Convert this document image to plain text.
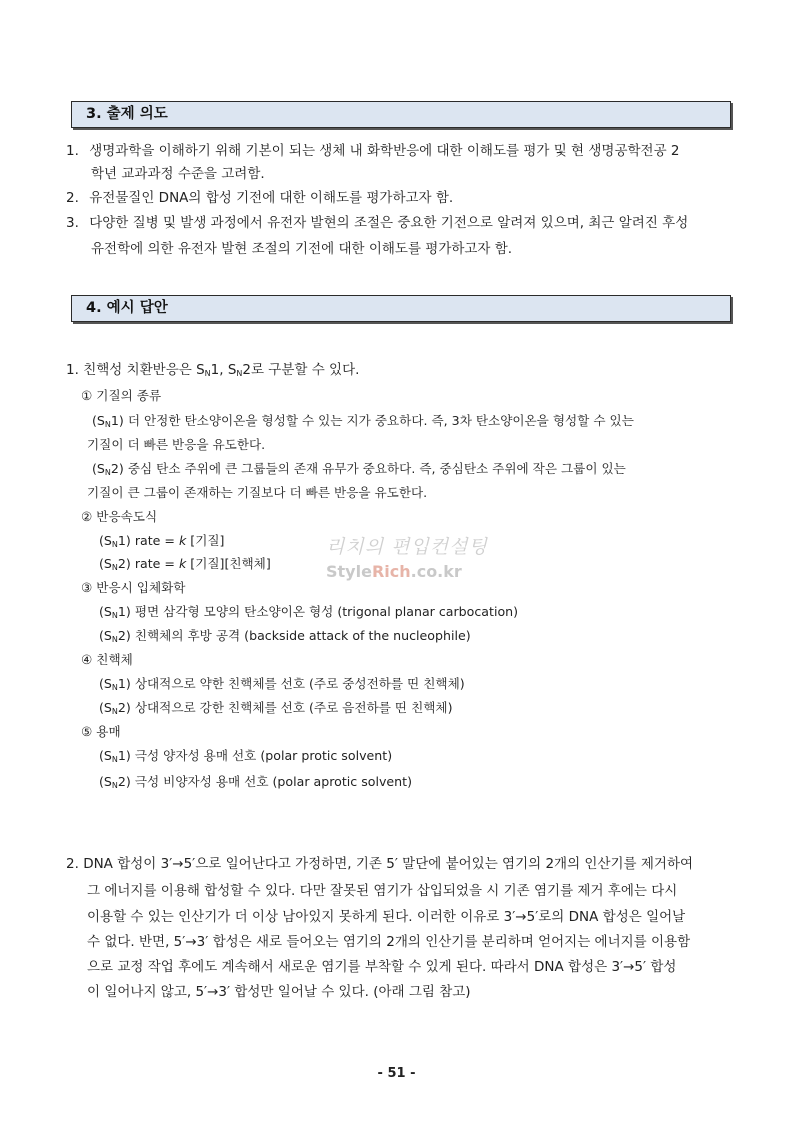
3. 출제 의도
1. 생명과학을 이해하기 위해 기본이 되는 생체 내 화학반응에 대한 이해도를 평가 및 현 생명공학전공 2
학년 교과과정 수준을 고려함.
2. 유전물질인 DNA의 합성 기전에 대한 이해도를 평가하고자 함.
3. 다양한 질병 및 발생 과정에서 유전자 발현의 조절은 중요한 기전으로 알려져 있으며, 최근 알려진 후성
유전학에 의한 유전자 발현 조절의 기전에 대한 이해도를 평가하고자 함.
4. 예시 답안
1. 친핵성 치환반응은 $S_N1$, $S_N2$로 구분할 수 있다.
① 기질의 종류
$(S_N1)$ 더 안정한 탄소양이온을 형성할 수 있는 지가 중요하다. 즉, 3차 탄소양이온을 형성할 수 있는
기질이 더 빠른 반응을 유도한다.
$(S_N2)$ 중심 탄소 주위에 큰 그룹들의 존재 유무가 중요하다. 즉, 중심탄소 주위에 작은 그룹이 있는
기질이 큰 그룹이 존재하는 기질보다 더 빠른 반응을 유도한다.
② 반응속도식
$(S_N1)$ rate = k [기질]
$(S_N2)$ rate = k [기질][친핵체]
③ 반응시 입체화학
$(S_N1)$ 평면 삼각형 모양의 탄소양이온 형성 (trigonal planar carbocation)
$(S_N2)$ 친핵체의 후방 공격 (backside attack of the nucleophile)
④ 친핵체
$(S_N1)$ 상대적으로 약한 친핵체를 선호 (주로 중성전하를 띤 친핵체)
$(S_N2)$ 상대적으로 강한 친핵체를 선호 (주로 음전하를 띤 친핵체)
⑤ 용매
$(S_N1)$ 극성 양자성 용매 선호 (polar protic solvent)
$(S_N2)$ 극성 비양자성 용매 선호 (polar aprotic solvent)
2. DNA 합성이 3′→5′으로 일어난다고 가정하면, 기존 5′ 말단에 붙어있는 염기의 2개의 인산기를 제거하여
그 에너지를 이용해 합성할 수 있다. 다만 잘못된 염기가 삽입되었을 시 기존 염기를 제거 후에는 다시
이용할 수 있는 인산기가 더 이상 남아있지 못하게 된다. 이러한 이유로 3′→5′로의 DNA 합성은 일어날
수 없다. 반면, 5′→3′ 합성은 새로 들어오는 염기의 2개의 인산기를 분리하며 얻어지는 에너지를 이용함
으로 교정 작업 후에도 계속해서 새로운 염기를 부착할 수 있게 된다. 따라서 DNA 합성은 3′→5′ 합성
이 일어나지 않고, 5′→3′ 합성만 일어날 수 있다. (아래 그림 참고)
리치의 편입컨설팅
StyleRich.co.kr
- 51 -
